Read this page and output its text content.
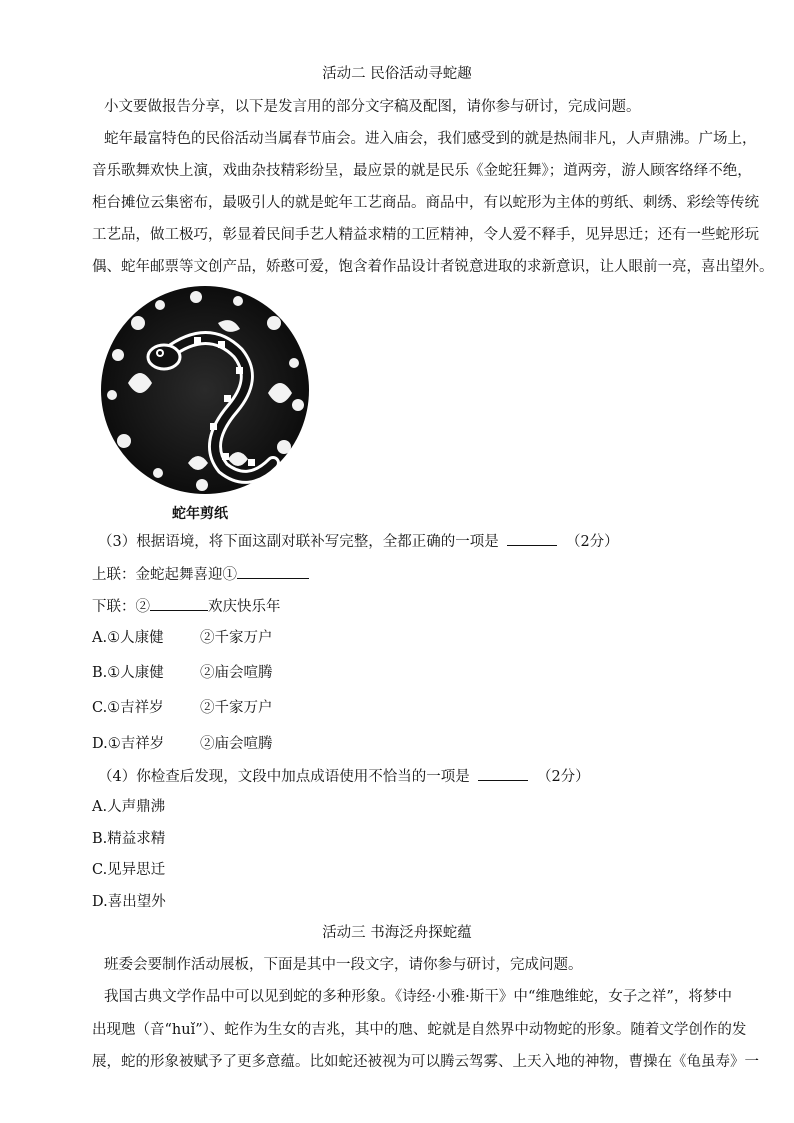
活动二 民俗活动寻蛇趣
小文要做报告分享，以下是发言用的部分文字稿及配图，请你参与研讨，完成问题。
蛇年最富特色的民俗活动当属春节庙会。进入庙会，我们感受到的就是热闹非凡，人声鼎沸。广场上，
音乐歌舞欢快上演，戏曲杂技精彩纷呈，最应景的就是民乐《金蛇狂舞》；道两旁，游人顾客络绎不绝，
柜台摊位云集密布，最吸引人的就是蛇年工艺商品。商品中，有以蛇形为主体的剪纸、刺绣、彩绘等传统
工艺品，做工极巧，彰显着民间手艺人精益求精的工匠精神，令人爱不释手，见异思迁；还有一些蛇形玩
偶、蛇年邮票等文创产品，娇憨可爱，饱含着作品设计者锐意进取的求新意识，让人眼前一亮，喜出望外。
蛇年剪纸
（3）根据语境，将下面这副对联补写完整，全都正确的一项是	（2分）
上联：金蛇起舞喜迎①
下联：②	欢庆快乐年
A.①人康健	②千家万户
B.①人康健 ②庙会喧腾
C.①吉祥岁	②千家万户
D.①吉祥岁 ②庙会喧腾
（4）你检查后发现，文段中加点成语使用不恰当的一项是	（2分）
A.人声鼎沸
B.精益求精
C.见异思迁
D.喜出望外
活动三 书海泛舟探蛇蕴
班委会要制作活动展板，下面是其中一段文字，请你参与研讨，完成问题。
我国古典文学作品中可以见到蛇的多种形象。《诗经·小雅·斯干》中“维虺维蛇，女子之祥”，将梦中
出现虺（音“huǐ”）、蛇作为生女的吉兆，其中的虺、蛇就是自然界中动物蛇的形象。随着文学创作的发
展，蛇的形象被赋予了更多意蕴。比如蛇还被视为可以腾云驾雾、上天入地的神物，曹操在《龟虽寿》一
